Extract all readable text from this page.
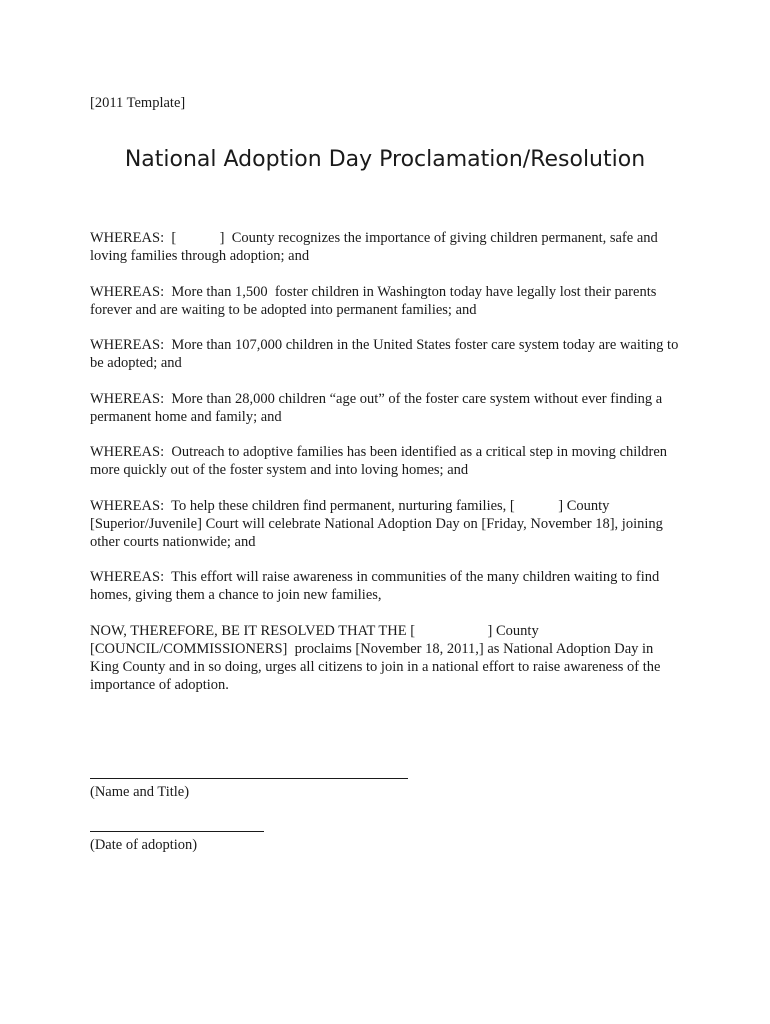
[2011 Template]
National Adoption Day Proclamation/Resolution

WHEREAS:  [            ]  County recognizes the importance of giving children permanent, safe and loving families through adoption; and

WHEREAS:  More than 1,500  foster children in Washington today have legally lost their parents forever and are waiting to be adopted into permanent families; and

WHEREAS:  More than 107,000 children in the United States foster care system today are waiting to be adopted; and

WHEREAS:  More than 28,000 children “age out” of the foster care system without ever finding a permanent home and family; and

WHEREAS:  Outreach to adoptive families has been identified as a critical step in moving children more quickly out of the foster system and into loving homes; and

WHEREAS:  To help these children find permanent, nurturing families, [            ] County [Superior/Juvenile] Court will celebrate National Adoption Day on [Friday, November 18], joining other courts nationwide; and

WHEREAS:  This effort will raise awareness in communities of the many children waiting to find homes, giving them a chance to join new families,

NOW, THEREFORE, BE IT RESOLVED THAT THE [                    ] County [COUNCIL/COMMISSIONERS]  proclaims [November 18, 2011,] as National Adoption Day in King County and in so doing, urges all citizens to join in a national effort to raise awareness of the importance of adoption.

(Name and Title)
(Date of adoption)
